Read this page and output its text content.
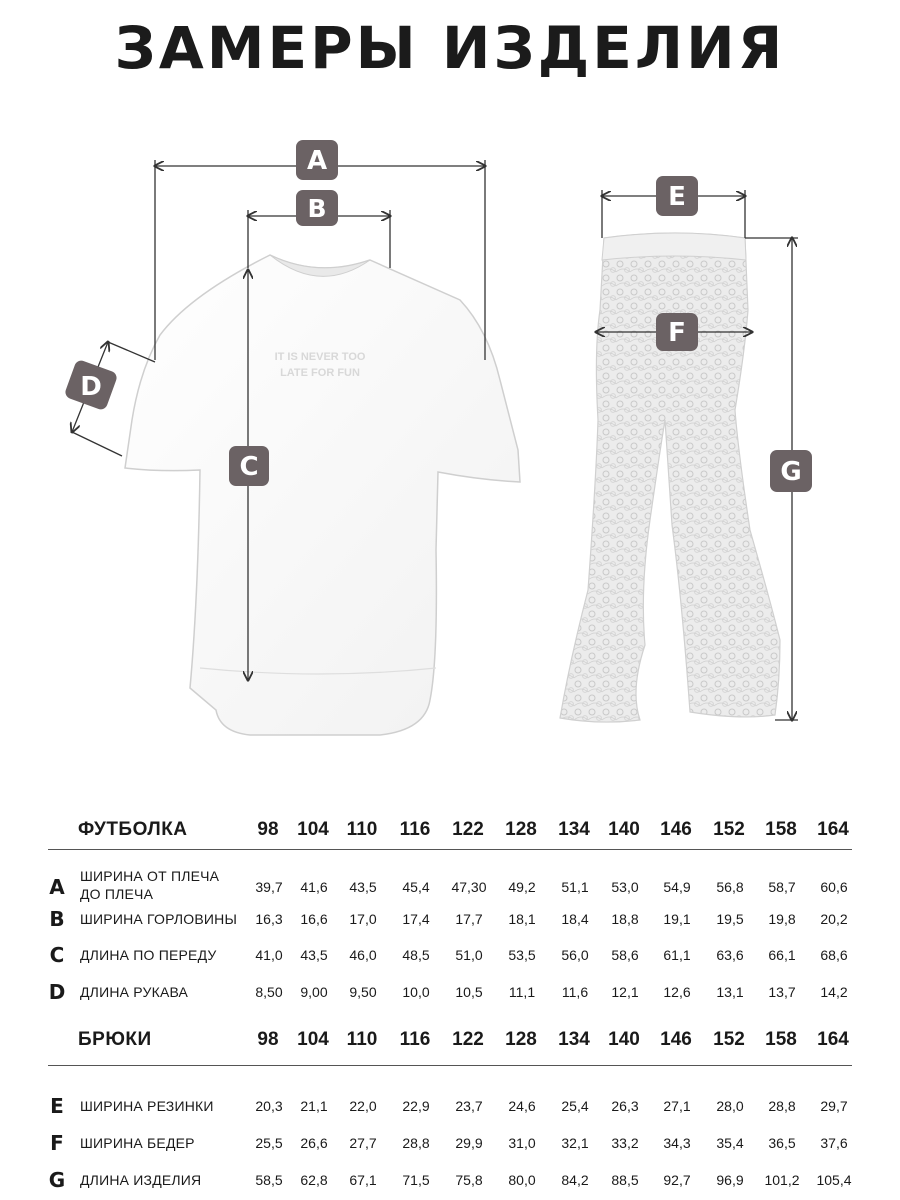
ЗАМЕРЫ ИЗДЕЛИЯ
IT IS NEVER TOO
LATE FOR FUN
A
B
C
D
E
F
G
ФУТБОЛКА	98 104 110	116	122	128	134 140	146	152	158	164
A ШИРИНА ОТ ПЛЕЧА
ДО ПЛЕЧА	39,7	41,6	43,5	45,4	47,30	49,2	51,1	53,0	54,9	56,8	58,7	60,6
B ШИРИНА ГОРЛОВИНЫ	16,3	16,6	17,0	17,4	17,7	18,1	18,4	18,8	19,1	19,5	19,8	20,2
C ДЛИНА ПО ПЕРЕДУ	41,0	43,5	46,0	48,5	51,0	53,5	56,0	58,6	61,1	63,6	66,1	68,6
D ДЛИНА РУКАВА	8,50	9,00	9,50	10,0	10,5	11,1	11,6	12,1	12,6	13,1	13,7	14,2
БРЮКИ	98 104 110	116	122	128	134 140	146	152	158	164
E ШИРИНА РЕЗИНКИ	20,3	21,1	22,0	22,9	23,7	24,6	25,4	26,3	27,1	28,0	28,8	29,7
F ШИРИНА БЕДЕР	25,5	26,6	27,7	28,8	29,9	31,0	32,1	33,2	34,3	35,4	36,5	37,6
G ДЛИНА ИЗДЕЛИЯ	58,5	62,8	67,1	71,5	75,8	80,0	84,2	88,5	92,7	96,9	101,2	105,4
